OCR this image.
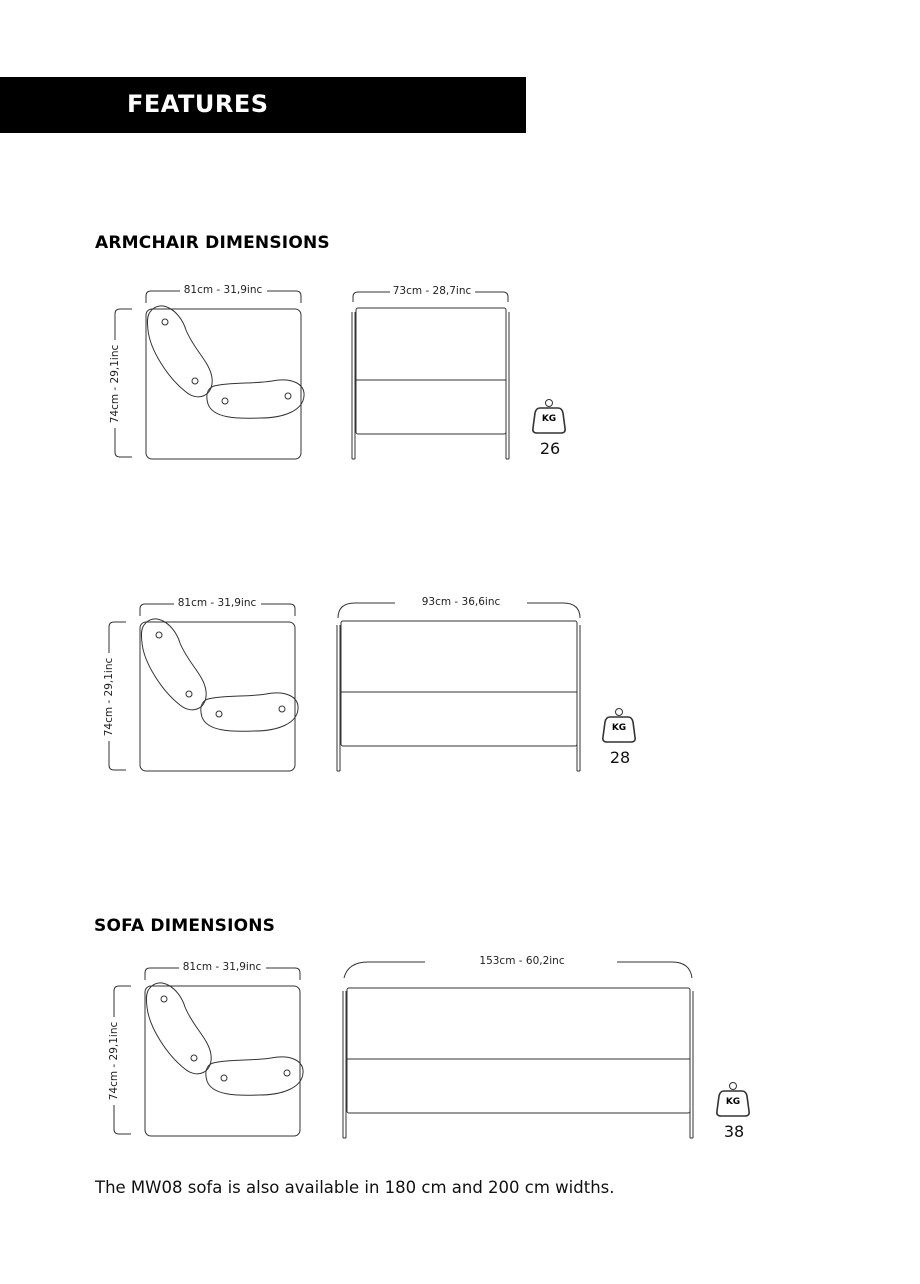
FEATURES
ARMCHAIR DIMENSIONS
SOFA DIMENSIONS
81cm - 31,9inc
74cm - 29,1inc
73cm - 28,7inc
KG
26
81cm - 31,9inc
74cm - 29,1inc
93cm - 36,6inc
KG
28
81cm - 31,9inc
74cm - 29,1inc
153cm - 60,2inc
KG
38
The MW08 sofa is also available in 180 cm and 200 cm widths.
